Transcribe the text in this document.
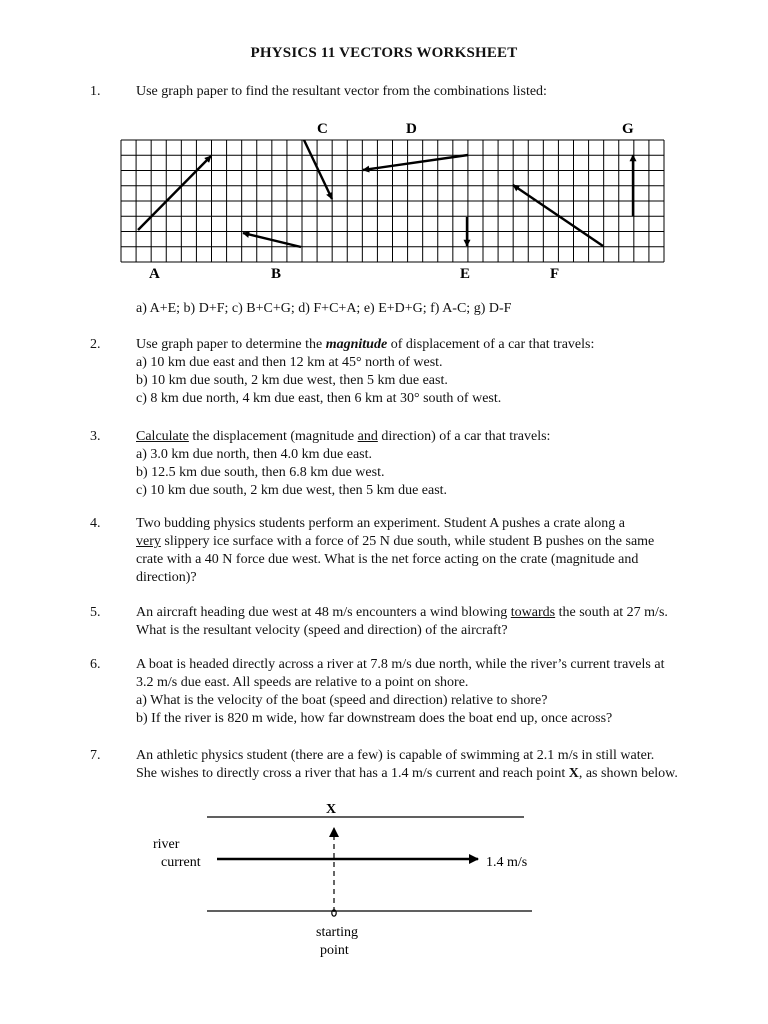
PHYSICS 11 VECTORS WORKSHEET
1.	Use graph paper to find the resultant vector from the combinations listed:
C	D	G
A	B	E	F
a) A+E; b) D+F; c) B+C+G; d) F+C+A; e) E+D+G; f) A-C; g) D-F
2.	Use graph paper to determine the magnitude of displacement of a car that travels:
a) 10 km due east and then 12 km at 45° north of west.
b) 10 km due south, 2 km due west, then 5 km due east.
c) 8 km due north, 4 km due east, then 6 km at 30° south of west.
3.	Calculate the displacement (magnitude and direction) of a car that travels:
a) 3.0 km due north, then 4.0 km due east.
b) 12.5 km due south, then 6.8 km due west.
c) 10 km due south, 2 km due west, then 5 km due east.
4.	Two budding physics students perform an experiment. Student A pushes a crate along a
very slippery ice surface with a force of 25 N due south, while student B pushes on the same
crate with a 40 N force due west. What is the net force acting on the crate (magnitude and
direction)?
5.	An aircraft heading due west at 48 m/s encounters a wind blowing towards the south at 27 m/s.
What is the resultant velocity (speed and direction) of the aircraft?
6.	A boat is headed directly across a river at 7.8 m/s due north, while the river’s current travels at
3.2 m/s due east. All speeds are relative to a point on shore.
a) What is the velocity of the boat (speed and direction) relative to shore?
b) If the river is 820 m wide, how far downstream does the boat end up, once across?
7.	An athletic physics student (there are a few) is capable of swimming at 2.1 m/s in still water.
She wishes to directly cross a river that has a 1.4 m/s current and reach point X, as shown below.
X
river
current	1.4 m/s
starting
point
